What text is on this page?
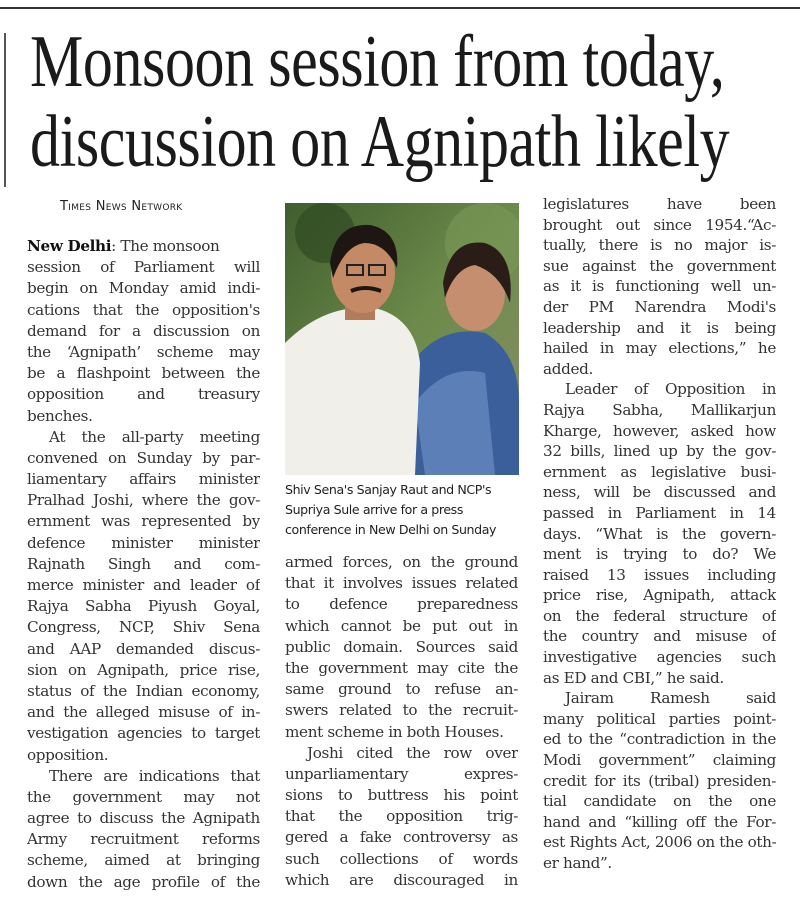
Monsoon session from today,
discussion on Agnipath likely
Times News Network
Shiv Sena's Sanjay Raut and NCP's
Supriya Sule arrive for a press
conference in New Delhi on Sunday
New Delhi: The monsoon
session of Parliament will
begin on Monday amid indi-
cations that the opposition's
demand for a discussion on
the ‘Agnipath’ scheme may
be a flashpoint between the
opposition and treasury
benches.
At the all-party meeting
convened on Sunday by par-
liamentary affairs minister
Pralhad Joshi, where the gov-
ernment was represented by
defence minister minister
Rajnath Singh and com-
merce minister and leader of
Rajya Sabha Piyush Goyal,
Congress, NCP, Shiv Sena
and AAP demanded discus-
sion on Agnipath, price rise,
status of the Indian economy,
and the alleged misuse of in-
vestigation agencies to target
opposition.
There are indications that
the government may not
agree to discuss the Agnipath
Army recruitment reforms
scheme, aimed at bringing
down the age profile of the
armed forces, on the ground
that it involves issues related
to defence preparedness
which cannot be put out in
public domain. Sources said
the government may cite the
same ground to refuse an-
swers related to the recruit-
ment scheme in both Houses.
Joshi cited the row over
unparliamentary expres-
sions to buttress his point
that the opposition trig-
gered a fake controversy as
such collections of words
which are discouraged in
legislatures have been
brought out since 1954.“Ac-
tually, there is no major is-
sue against the government
as it is functioning well un-
der PM Narendra Modi's
leadership and it is being
hailed in may elections,” he
added.
Leader of Opposition in
Rajya Sabha, Mallikarjun
Kharge, however, asked how
32 bills, lined up by the gov-
ernment as legislative busi-
ness, will be discussed and
passed in Parliament in 14
days. “What is the govern-
ment is trying to do? We
raised 13 issues including
price rise, Agnipath, attack
on the federal structure of
the country and misuse of
investigative agencies such
as ED and CBI,” he said.
Jairam Ramesh said
many political parties point-
ed to the “contradiction in the
Modi government” claiming
credit for its (tribal) presiden-
tial candidate on the one
hand and “killing off the For-
est Rights Act, 2006 on the oth-
er hand”.
